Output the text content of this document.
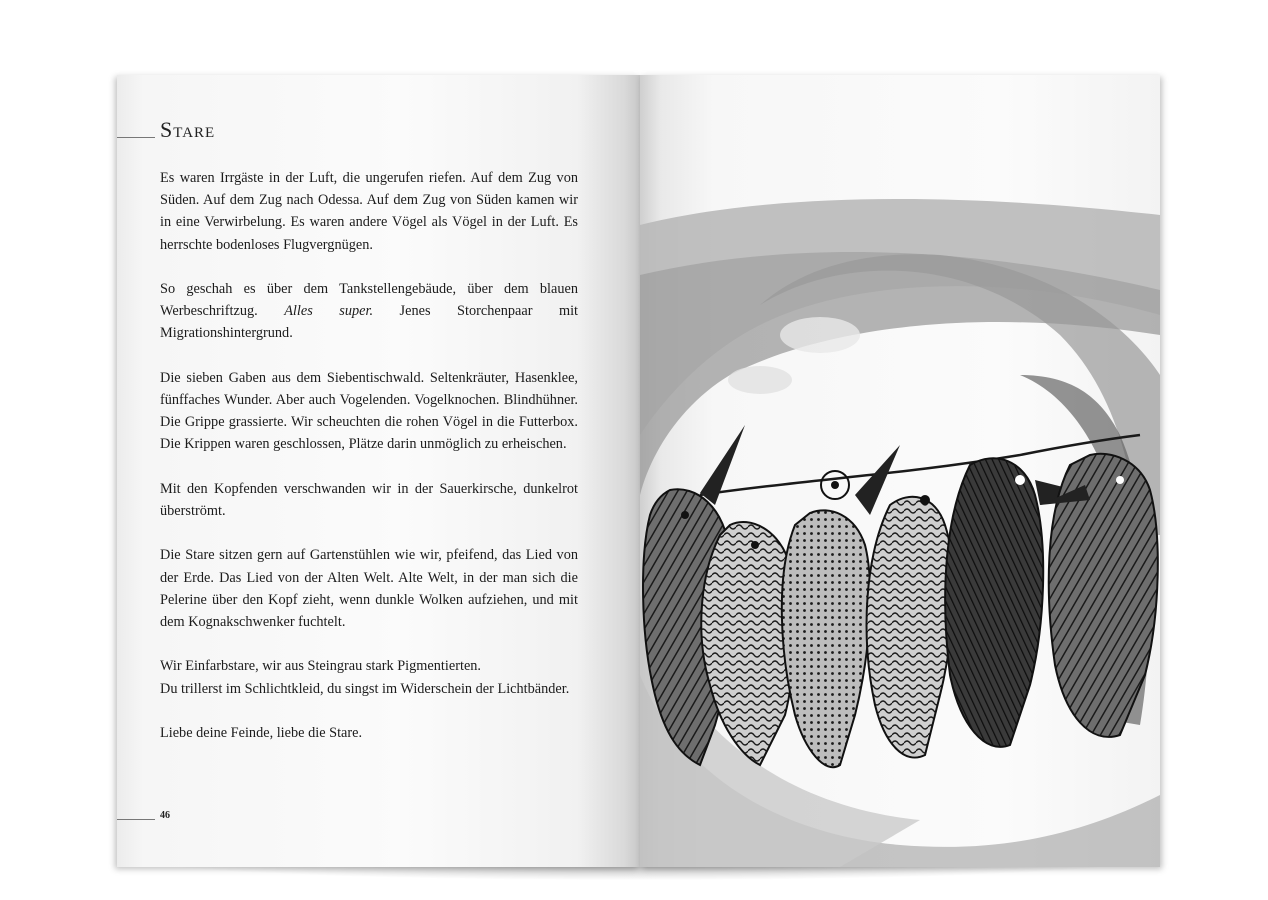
Stare

Es waren Irrgäste in der Luft, die ungerufen riefen. Auf dem Zug von Süden. Auf dem Zug nach Odessa. Auf dem Zug von Süden kamen wir in eine Verwirbelung. Es waren andere Vögel als Vögel in der Luft. Es herrschte bodenloses Flugvergnügen.

So geschah es über dem Tankstellengebäude, über dem blauen Werbeschriftzug. Alles super. Jenes Storchenpaar mit Migrationshintergrund.

Die sieben Gaben aus dem Siebentischwald. Seltenkräuter, Hasenklee, fünffaches Wunder. Aber auch Vogelenden. Vogelknochen. Blindhühner. Die Grippe grassierte. Wir scheuchten die rohen Vögel in die Futterbox. Die Krippen waren geschlossen, Plätze darin unmöglich zu erheischen.

Mit den Kopfenden verschwanden wir in der Sauerkirsche, dunkelrot überströmt.

Die Stare sitzen gern auf Gartenstühlen wie wir, pfeifend, das Lied von der Erde. Das Lied von der Alten Welt. Alte Welt, in der man sich die Pelerine über den Kopf zieht, wenn dunkle Wolken aufziehen, und mit dem Kognakschwenker fuchtelt.

Wir Einfarbstare, wir aus Steingrau stark Pigmentierten.
Du trillerst im Schlichtkleid, du singst im Widerschein der Lichtbänder.

Liebe deine Feinde, liebe die Stare.

46
